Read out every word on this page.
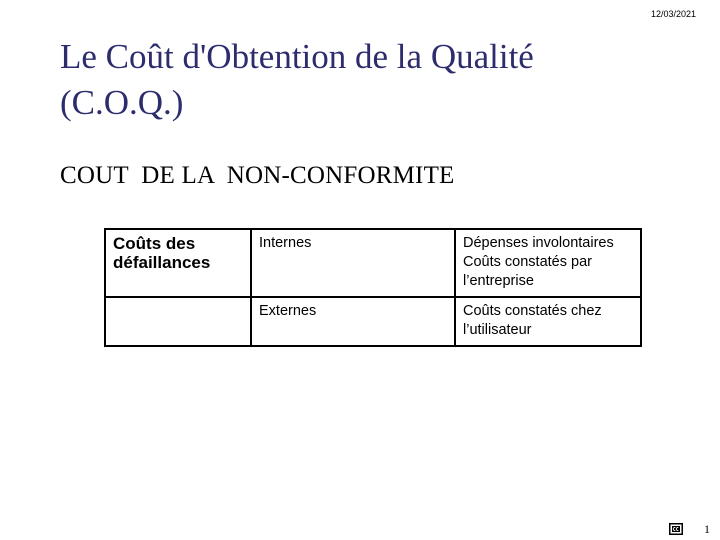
12/03/2021
Le Coût d'Obtention de la Qualité
(C.O.Q.)
COUT  DE LA  NON-CONFORMITE
Coûts des
défaillances	Internes	Dépenses involontaires
Coûts constatés par
l’entreprise

	Externes	Coûts constatés chez
l’utilisateur
1
